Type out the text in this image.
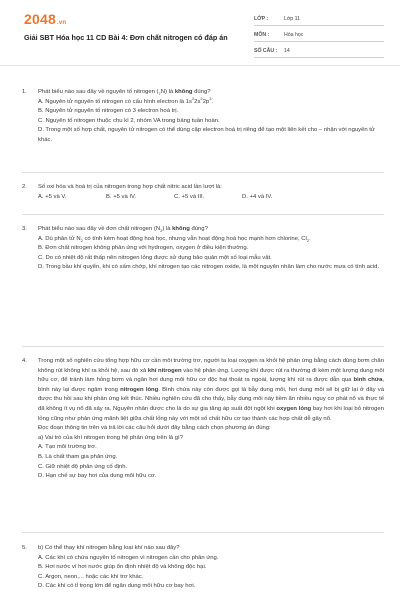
2048.vn
Giải SBT Hóa học 11 CD Bài 4: Đơn chất nitrogen có đáp án
LỚP :	Lớp 11
MÔN :	Hóa học
SỐ CÂU : 14
1. Phát biểu nào sau đây về nguyên tố nitrogen $(_7N)$ là không đúng?

A. Nguyên tử nguyên tố nitrogen có cấu hình electron là $1s^22s^22p^3$.

B. Nguyên tử nguyên tố nitrogen có 3 electron hoá trị.

C. Nguyên tố nitrogen thuộc chu kì 2, nhóm VA trong bảng tuần hoàn.

D. Trong một số hợp chất, nguyên tử nitrogen có thể dùng cặp electron hoá trị riêng để tạo một liên kết cho – nhận với nguyên tử khác.

2. Số oxi hóa và hoá trị của nitrogen trong hợp chất nitric acid lần lượt là:

A. +5 và V.	B. +5 và IV.	C. +5 và III.	D. +4 và IV.
3. Phát biểu nào sau đây về đơn chất nitrogen $(N_2)$ là không đúng?

A. Dù phân tử $N_2$ có tính kém hoạt động hoá học, nhưng vẫn hoạt động hoá học mạnh hơn chlorine, $Cl_2$.

B. Đơn chất nitrogen không phản ứng với hydrogen, oxygen ở điều kiện thường.

C. Do có nhiệt độ rất thấp nên nitrogen lỏng được sử dụng bảo quản một số loại mẫu vật.

D. Trong bầu khí quyển, khi có sấm chớp, khí nitrogen tạo các nitrogen oxide, là một nguyên nhân làm cho nước mưa có tính acid.

4. Trong một số nghiên cứu tổng hợp hữu cơ cần môi trường trơ, người ta loại oxygen ra khỏi hệ phản ứng bằng cách dùng bơm chân không rút không khí ra khỏi hệ, sau đó xả khí nitrogen vào hệ phản ứng. Lượng khí được rút ra thường đi kèm một lượng dung môi hữu cơ, để tránh làm hỏng bơm và ngăn hơi dung môi hữu cơ độc hại thoát ra ngoài, lượng khí rút ra được dẫn qua bình chứa, bình này lại được ngâm trong nitrogen lỏng. Bình chứa này còn được gọi là bẫy dung môi, hơi dung môi sẽ bị giữ lại ở đây và được thu hồi sau khi phản ứng kết thúc. Nhiều nghiên cứu đã cho thấy, bẫy dung môi này tiềm ẩn nhiều nguy cơ phát nổ và thực tế đã không ít vụ nổ đã xảy ra. Nguyên nhân được cho là do sự gia tăng áp suất đột ngột khi oxygen lỏng bay hơi khi loại bỏ nitrogen lỏng cũng như phản ứng mãnh liệt giữa chất lỏng này với một số chất hữu cơ tạo thành các hợp chất dễ gây nổ.

Đọc đoạn thông tin trên và trả lời các câu hỏi dưới đây bằng cách chọn phương án đúng:

a) Vai trò của khí nitrogen trong hệ phản ứng trên là gì?

A. Tạo môi trường trơ.

B. Là chất tham gia phản ứng.

C. Giữ nhiệt độ phản ứng cố định.

D. Hạn chế sự bay hơi của dung môi hữu cơ.

5. b) Có thể thay khí nitrogen bằng loại khí nào sau đây?

A. Các khí có chứa nguyên tố nitrogen vì nitrogen cần cho phản ứng.

B. Hơi nước vì hơi nước giúp ổn định nhiệt độ và không độc hại.

C. Argon, neon,... hoặc các khí trơ khác.

D. Các khí có tỉ trọng lớn để ngăn dung môi hữu cơ bay hơi.
